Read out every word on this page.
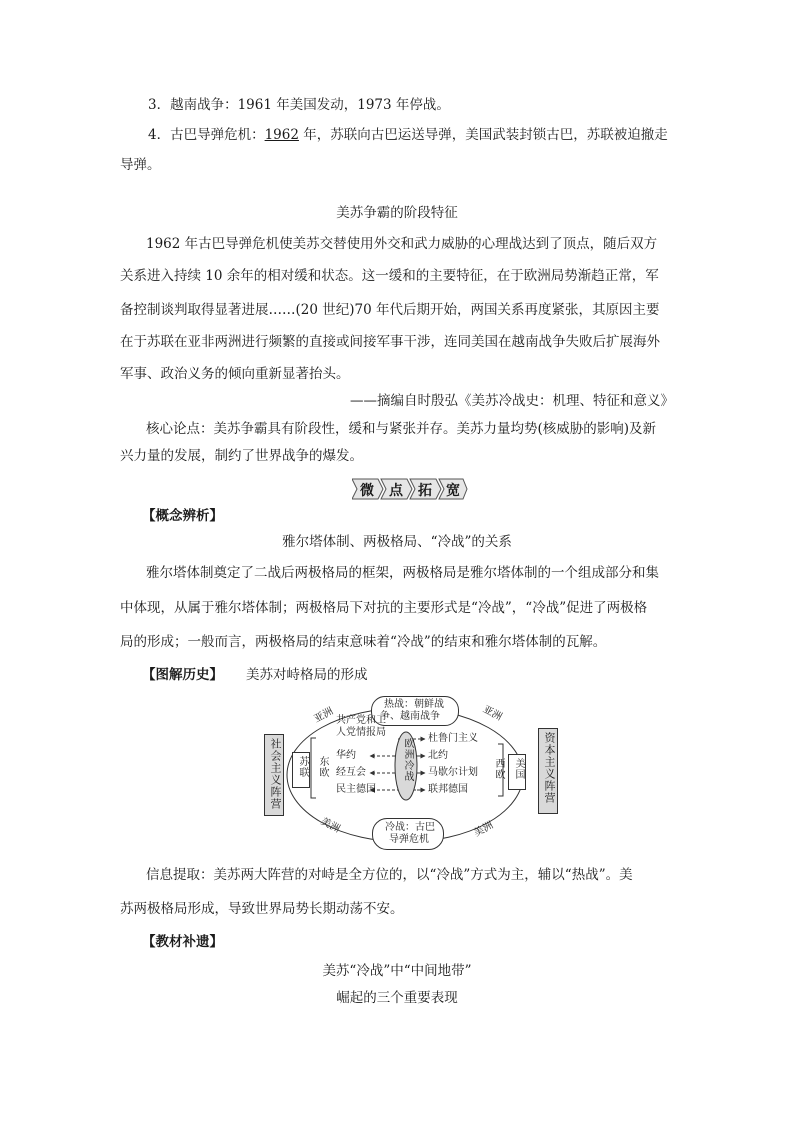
3．越南战争：1961 年美国发动，1973 年停战。
4．古巴导弹危机：1962 年，苏联向古巴运送导弹，美国武装封锁古巴，苏联被迫撤走
导弹。
美苏争霸的阶段特征
1962 年古巴导弹危机使美苏交替使用外交和武力威胁的心理战达到了顶点，随后双方
关系进入持续 10 余年的相对缓和状态。这一缓和的主要特征，在于欧洲局势渐趋正常，军
备控制谈判取得显著进展……(20 世纪)70 年代后期开始，两国关系再度紧张，其原因主要
在于苏联在亚非两洲进行频繁的直接或间接军事干涉，连同美国在越南战争失败后扩展海外
军事、政治义务的倾向重新显著抬头。
——摘编自时殷弘《美苏冷战史：机理、特征和意义》
核心论点：美苏争霸具有阶段性，缓和与紧张并存。美苏力量均势(核威胁的影响)及新
兴力量的发展，制约了世界战争的爆发。
微 点 拓 宽
【概念辨析】
雅尔塔体制、两极格局、“冷战”的关系
雅尔塔体制奠定了二战后两极格局的框架，两极格局是雅尔塔体制的一个组成部分和集
中体现，从属于雅尔塔体制；两极格局下对抗的主要形式是“冷战”，“冷战”促进了两极格
局的形成；一般而言，两极格局的结束意味着“冷战”的结束和雅尔塔体制的瓦解。
【图解历史】 美苏对峙格局的形成
社会主义阵营	资本主义阵营
苏联	美国
东欧	西欧
欧洲冷战
热战：朝鲜战
争、越南战争
冷战：古巴
导弹危机
亚洲	亚洲
美洲	美洲
共产党和工
人党情报局
华约
经互会
民主德国
杜鲁门主义
北约
马歇尔计划
联邦德国
信息提取：美苏两大阵营的对峙是全方位的，以“冷战”方式为主，辅以“热战”。美
苏两极格局形成，导致世界局势长期动荡不安。
【教材补遗】
美苏“冷战”中“中间地带”
崛起的三个重要表现
